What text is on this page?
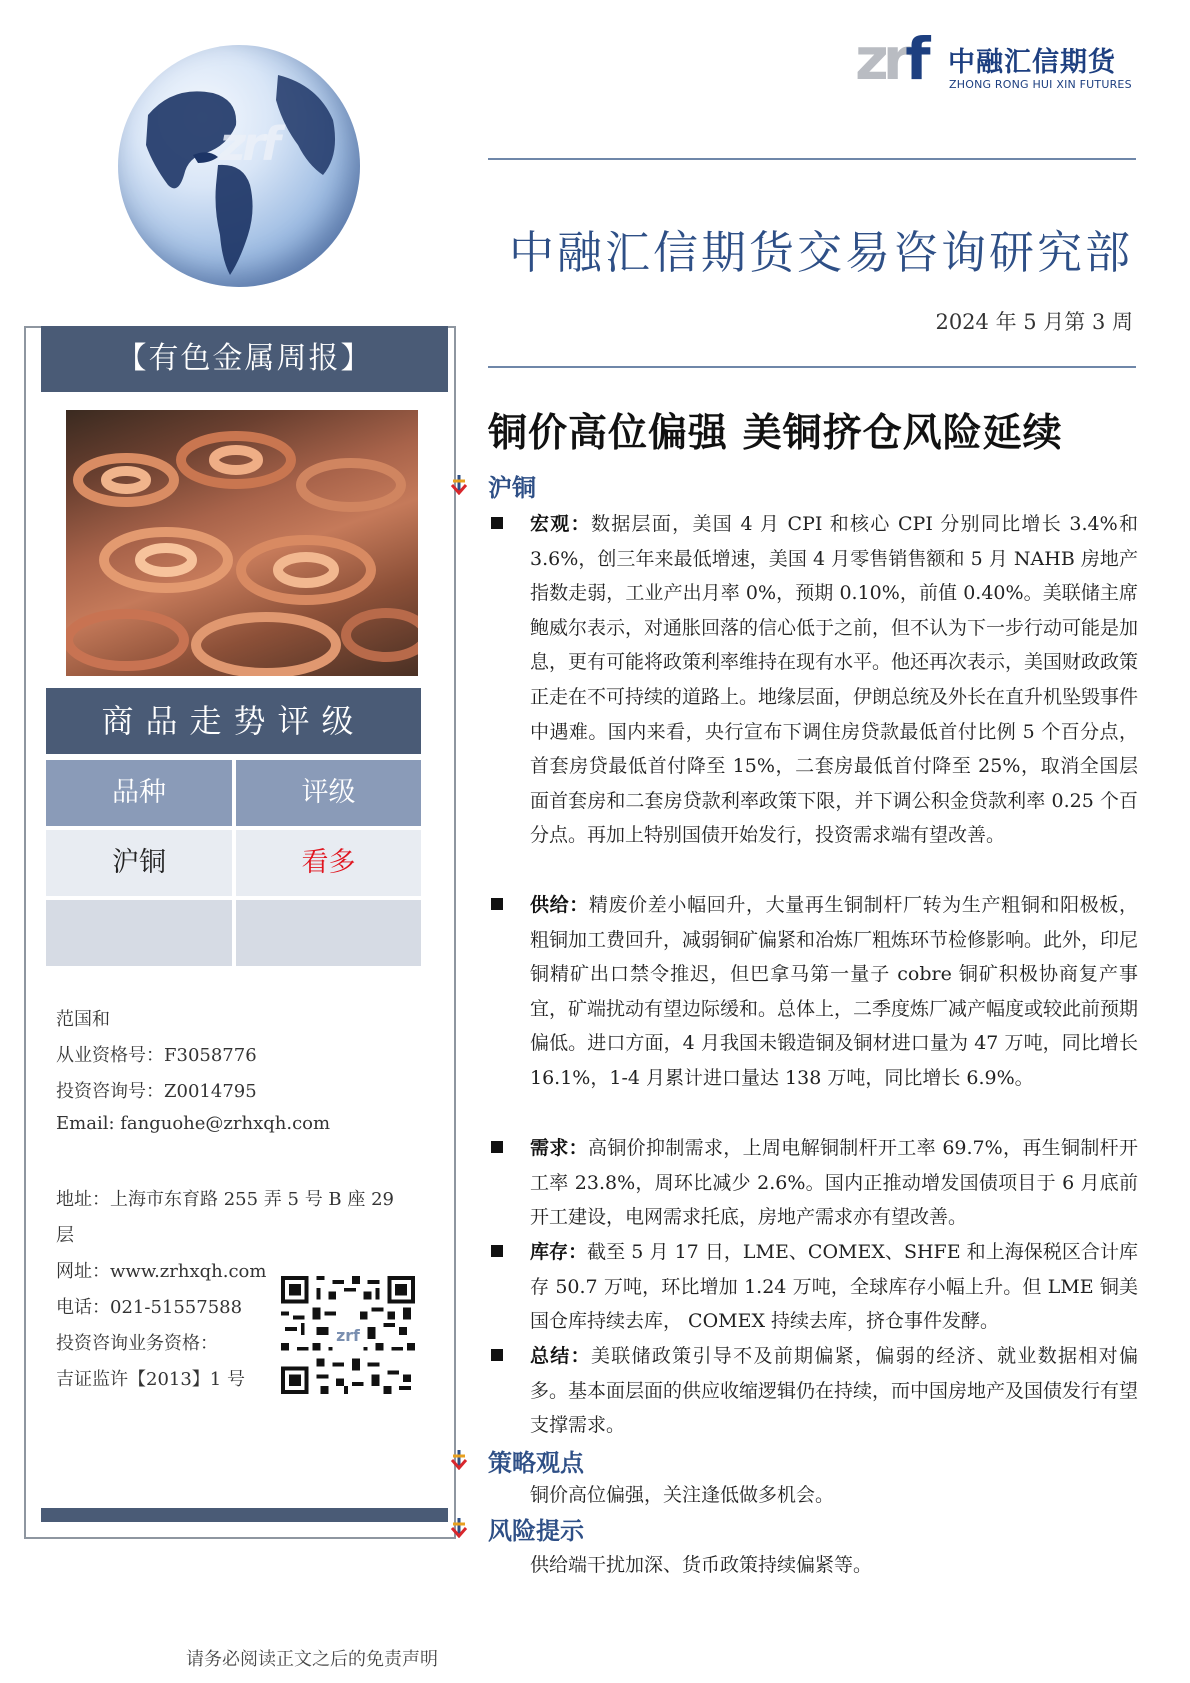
zrf
zrf 中融汇信期货
ZHONG RONG HUI XIN FUTURES
中融汇信期货交易咨询研究部
2024 年 5 月第 3 周
铜价高位偏强 美铜挤仓风险延续
【有色金属周报】
商品走势评级
品种	评级
沪铜	看多
范国和
从业资格号：F3058776
投资咨询号：Z0014795
Email: fanguohe@zrhxqh.com
地址：上海市东育路 255 弄 5 号 B 座 29
层
网址：www.zrhxqh.com
电话：021-51557588
投资咨询业务资格：
吉证监许【2013】1 号
zrf
沪铜
宏观：数据层面，美国 4 月 CPI 和核心 CPI 分别同比增长 3.4%和 3.6%，创三年来最低增速，美国 4 月零售销售额和 5 月 NAHB 房地产指数走弱，工业产出月率 0%，预期 0.10%，前值 0.40%。美联储主席鲍威尔表示，对通胀回落的信心低于之前，但不认为下一步行动可能是加息，更有可能将政策利率维持在现有水平。他还再次表示，美国财政政策正走在不可持续的道路上。地缘层面，伊朗总统及外长在直升机坠毁事件中遇难。国内来看，央行宣布下调住房贷款最低首付比例 5 个百分点，首套房贷最低首付降至 15%，二套房最低首付降至 25%，取消全国层面首套房和二套房贷款利率政策下限，并下调公积金贷款利率 0.25 个百分点。再加上特别国债开始发行，投资需求端有望改善。
供给：精废价差小幅回升，大量再生铜制杆厂转为生产粗铜和阳极板，粗铜加工费回升，减弱铜矿偏紧和冶炼厂粗炼环节检修影响。此外，印尼铜精矿出口禁令推迟，但巴拿马第一量子 cobre 铜矿积极协商复产事宜，矿端扰动有望边际缓和。总体上，二季度炼厂减产幅度或较此前预期偏低。进口方面，4 月我国未锻造铜及铜材进口量为 47 万吨，同比增长 16.1%，1-4 月累计进口量达 138 万吨，同比增长 6.9%。
需求：高铜价抑制需求，上周电解铜制杆开工率 69.7%，再生铜制杆开工率 23.8%，周环比减少 2.6%。国内正推动增发国债项目于 6 月底前开工建设，电网需求托底，房地产需求亦有望改善。
库存：截至 5 月 17 日，LME、COMEX、SHFE 和上海保税区合计库存 50.7 万吨，环比增加 1.24 万吨，全球库存小幅上升。但 LME 铜美国仓库持续去库， COMEX 持续去库，挤仓事件发酵。
总结：美联储政策引导不及前期偏紧，偏弱的经济、就业数据相对偏多。基本面层面的供应收缩逻辑仍在持续，而中国房地产及国债发行有望支撑需求。
策略观点
铜价高位偏强，关注逢低做多机会。
风险提示
供给端干扰加深、货币政策持续偏紧等。
请务必阅读正文之后的免责声明
